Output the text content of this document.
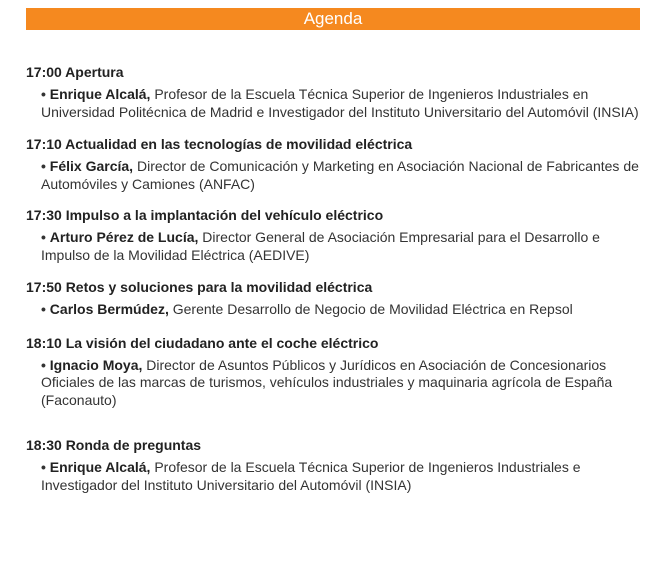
Agenda
17:00 Apertura
• Enrique Alcalá, Profesor de la Escuela Técnica Superior de Ingenieros Industriales en Universidad Politécnica de Madrid e Investigador del Instituto Universitario del Automóvil (INSIA)
17:10 Actualidad en las tecnologías de movilidad eléctrica
• Félix García, Director de Comunicación y Marketing en Asociación Nacional de Fabricantes de Automóviles y Camiones (ANFAC)
17:30 Impulso a la implantación del vehículo eléctrico
• Arturo Pérez de Lucía, Director General de Asociación Empresarial para el Desarrollo e Impulso de la Movilidad Eléctrica (AEDIVE)
17:50 Retos y soluciones para la movilidad eléctrica
• Carlos Bermúdez, Gerente Desarrollo de Negocio de Movilidad Eléctrica en Repsol
18:10 La visión del ciudadano ante el coche eléctrico
• Ignacio Moya, Director de Asuntos Públicos y Jurídicos en Asociación de Concesionarios Oficiales de las marcas de turismos, vehículos industriales y maquinaria agrícola de España (Faconauto)
18:30 Ronda de preguntas
• Enrique Alcalá, Profesor de la Escuela Técnica Superior de Ingenieros Industriales e Investigador del Instituto Universitario del Automóvil (INSIA)
